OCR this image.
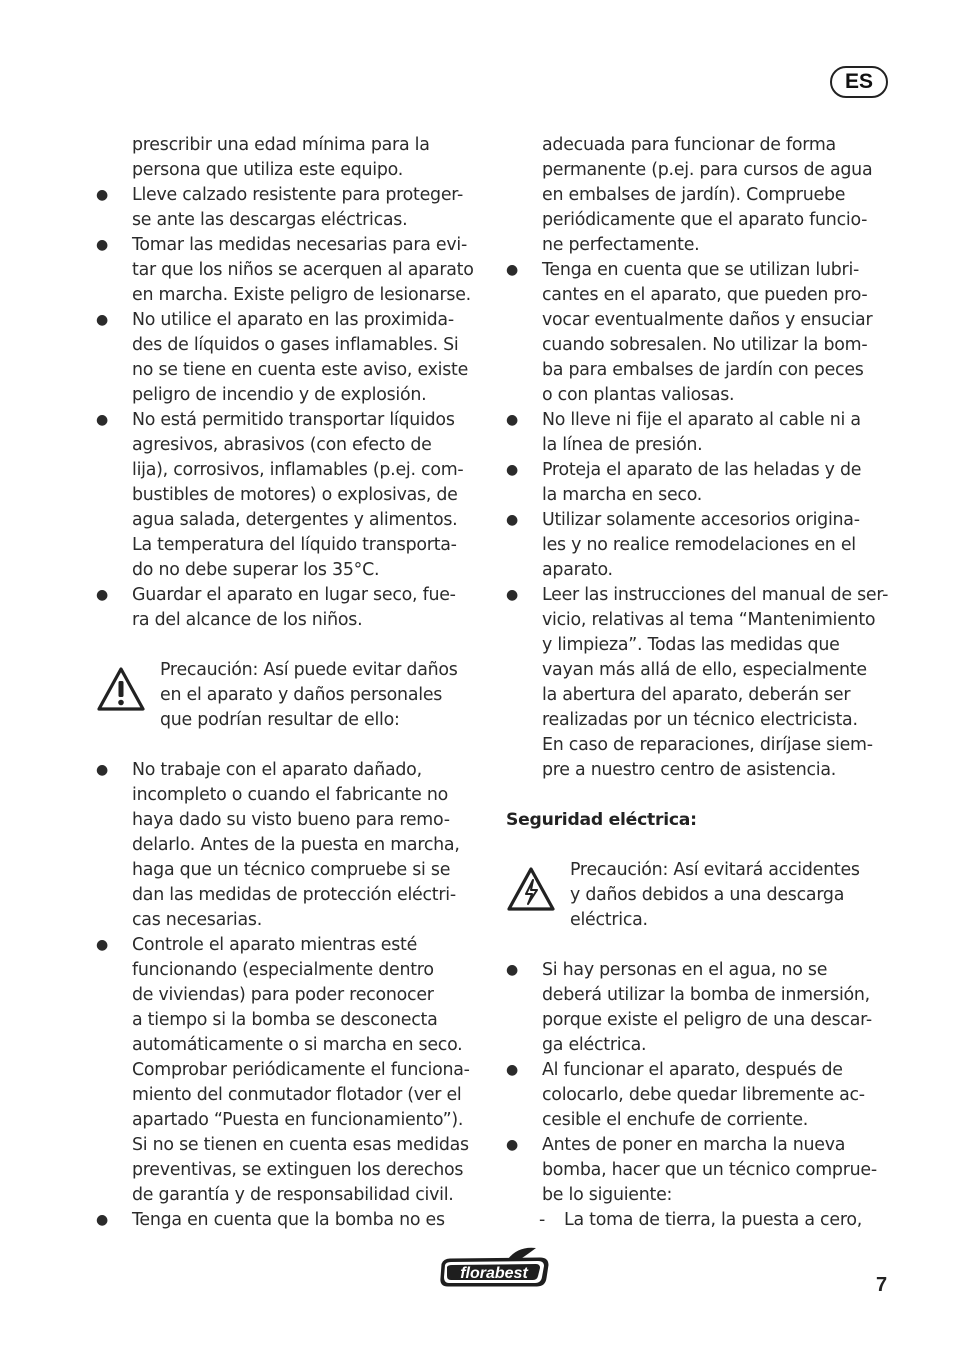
ES
prescribir una edad mínima para la
persona que utiliza este equipo.
● Lleve calzado resistente para proteger-
se ante las descargas eléctricas.
● Tomar las medidas necesarias para evi-
tar que los niños se acerquen al aparato
en marcha. Existe peligro de lesionarse.
● No utilice el aparato en las proximida-
des de líquidos o gases inflamables. Si
no se tiene en cuenta este aviso, existe
peligro de incendio y de explosión.
● No está permitido transportar líquidos
agresivos, abrasivos (con efecto de
lija), corrosivos, inflamables (p.ej. com-
bustibles de motores) o explosivas, de
agua salada, detergentes y alimentos.
La temperatura del líquido transporta-
do no debe superar los 35°C.
● Guardar el aparato en lugar seco, fue-
ra del alcance de los niños.
Precaución: Así puede evitar daños
en el aparato y daños personales
que podrían resultar de ello:
● No trabaje con el aparato dañado,
incompleto o cuando el fabricante no
haya dado su visto bueno para remo-
delarlo. Antes de la puesta en marcha,
haga que un técnico compruebe si se
dan las medidas de protección eléctri-
cas necesarias.
● Controle el aparato mientras esté
funcionando (especialmente dentro
de viviendas) para poder reconocer
a tiempo si la bomba se desconecta
automáticamente o si marcha en seco.
Comprobar periódicamente el funciona-
miento del conmutador flotador (ver el
apartado “Puesta en funcionamiento”).
Si no se tienen en cuenta esas medidas
preventivas, se extinguen los derechos
de garantía y de responsabilidad civil.
● Tenga en cuenta que la bomba no es
adecuada para funcionar de forma
permanente (p.ej. para cursos de agua
en embalses de jardín). Compruebe
periódicamente que el aparato funcio-
ne perfectamente.
● Tenga en cuenta que se utilizan lubri-
cantes en el aparato, que pueden pro-
vocar eventualmente daños y ensuciar
cuando sobresalen. No utilizar la bom-
ba para embalses de jardín con peces
o con plantas valiosas.
● No lleve ni fije el aparato al cable ni a
la línea de presión.
● Proteja el aparato de las heladas y de
la marcha en seco.
● Utilizar solamente accesorios origina-
les y no realice remodelaciones en el
aparato.
● Leer las instrucciones del manual de ser-
vicio, relativas al tema “Mantenimiento
y limpieza”. Todas las medidas que
vayan más allá de ello, especialmente
la abertura del aparato, deberán ser
realizadas por un técnico electricista.
En caso de reparaciones, diríjase siem-
pre a nuestro centro de asistencia.
Seguridad eléctrica:
Precaución: Así evitará accidentes
y daños debidos a una descarga
eléctrica.
● Si hay personas en el agua, no se
deberá utilizar la bomba de inmersión,
porque existe el peligro de una descar-
ga eléctrica.
● Al funcionar el aparato, después de
colocarlo, debe quedar libremente ac-
cesible el enchufe de corriente.
● Antes de poner en marcha la nueva
bomba, hacer que un técnico comprue-
be lo siguiente:
- La toma de tierra, la puesta a cero,
florabest
7
